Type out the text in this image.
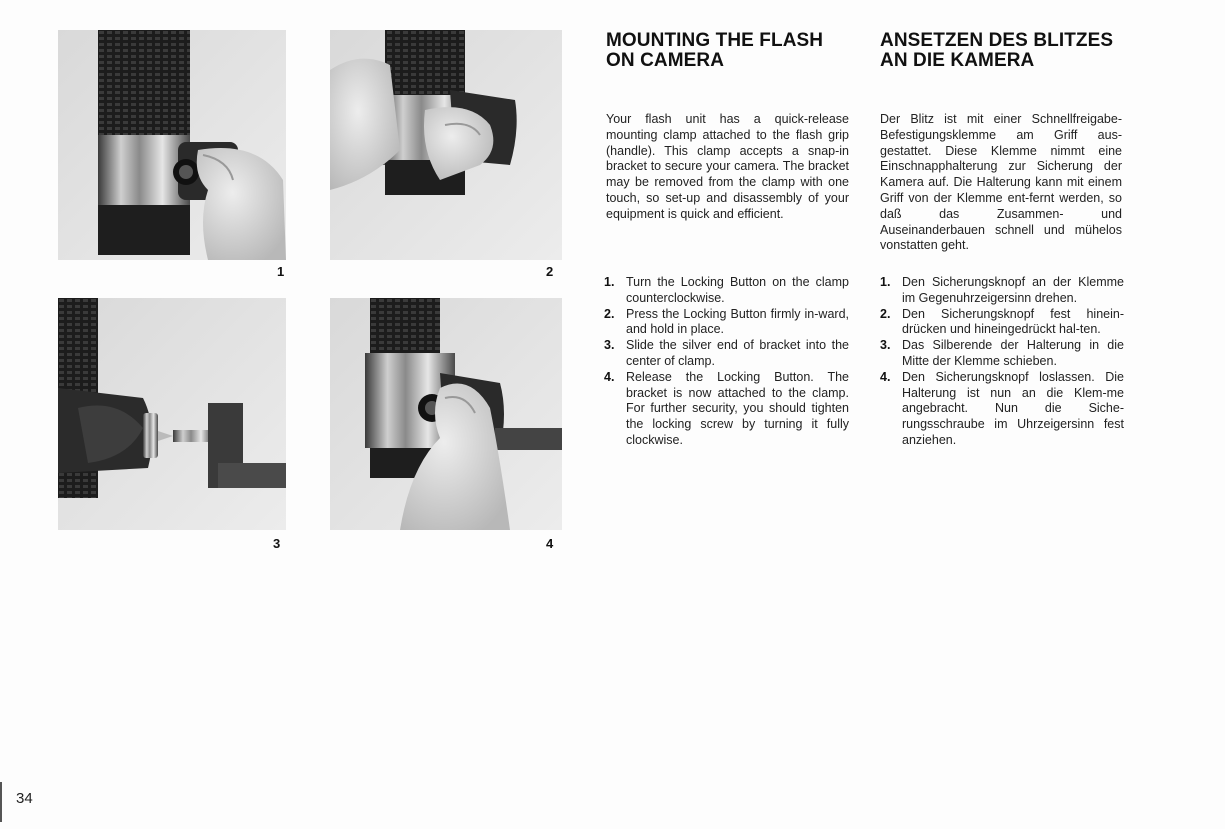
1	2
3	4
MOUNTING THE FLASH
ON CAMERA

Your flash unit has a quick-release mounting clamp attached to the flash grip (handle). This clamp accepts a snap-in bracket to secure your camera. The bracket may be removed from the clamp with one touch, so set-up and disassembly of your equipment is quick and efficient.

1. Turn the Locking Button on the clamp counterclockwise.
2. Press the Locking Button firmly in-ward, and hold in place.
3. Slide the silver end of bracket into the center of clamp.
4. Release the Locking Button. The bracket is now attached to the clamp. For further security, you should tighten the locking screw by turning it fully clockwise.
ANSETZEN DES BLITZES
AN DIE KAMERA

Der Blitz ist mit einer Schnellfreigabe-Befestigungsklemme am Griff aus-gestattet. Diese Klemme nimmt eine Einschnapphalterung zur Sicherung der Kamera auf. Die Halterung kann mit einem Griff von der Klemme ent-fernt werden, so daß das Zusammen- und Auseinanderbauen schnell und mühelos vonstatten geht.

1. Den Sicherungsknopf an der Klemme im Gegenuhrzeigersinn drehen.
2. Den Sicherungsknopf fest hinein-drücken und hineingedrückt hal-ten.
3. Das Silberende der Halterung in die Mitte der Klemme schieben.
4. Den Sicherungsknopf loslassen. Die Halterung ist nun an die Klem-me angebracht. Nun die Siche-rungsschraube im Uhrzeigersinn fest anziehen.
34
